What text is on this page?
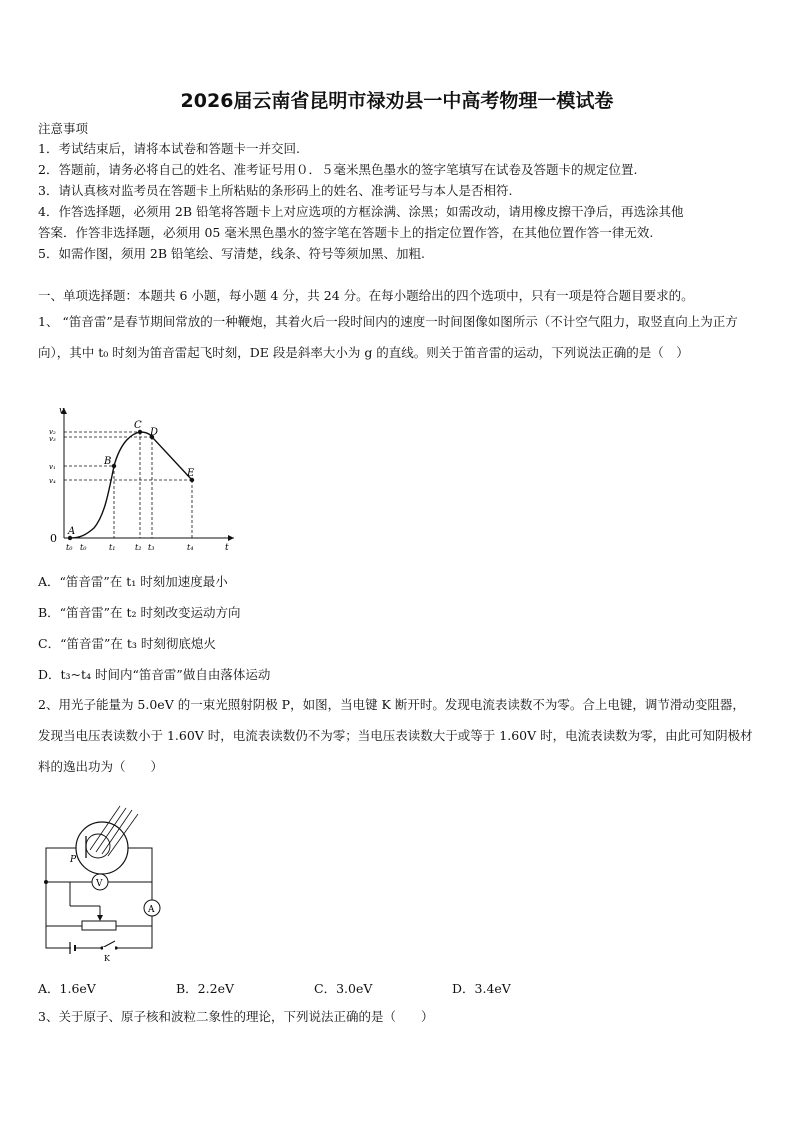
2026届云南省昆明市禄劝县一中高考物理一模试卷
注意事项
1．考试结束后，请将本试卷和答题卡一并交回.
2．答题前，请务必将自己的姓名、准考证号用０．５毫米黑色墨水的签字笔填写在试卷及答题卡的规定位置.
3．请认真核对监考员在答题卡上所粘贴的条形码上的姓名、准考证号与本人是否相符.
4．作答选择题，必须用 2B 铅笔将答题卡上对应选项的方框涂满、涂黑；如需改动，请用橡皮擦干净后，再选涂其他
答案．作答非选择题，必须用 05 毫米黑色墨水的签字笔在答题卡上的指定位置作答，在其他位置作答一律无效.
5．如需作图，须用 2B 铅笔绘、写清楚，线条、符号等须加黑、加粗.
一、单项选择题：本题共 6 小题，每小题 4 分，共 24 分。在每小题给出的四个选项中，只有一项是符合题目要求的。
1、 “笛音雷”是春节期间常放的一种鞭炮，其着火后一段时间内的速度一时间图像如图所示（不计空气阻力，取竖直向上为正方向），其中 t₀ 时刻为笛音雷起飞时刻，DE 段是斜率大小为 g 的直线。则关于笛音雷的运动，下列说法正确的是（　）
v
t
0
A
B
C
D
E
v₂
v₃
v₁
v₄
t₀ t₀	t₁ t₂ t₃	t₄
A．“笛音雷”在 t₁ 时刻加速度最小
B．“笛音雷”在 t₂ 时刻改变运动方向
C．“笛音雷”在 t₃ 时刻彻底熄火
D．t₃~t₄ 时间内“笛音雷”做自由落体运动
2、用光子能量为 5.0eV 的一束光照射阴极 P，如图，当电键 K 断开时。发现电流表读数不为零。合上电键，调节滑动变阻器，发现当电压表读数小于 1.60V 时，电流表读数仍不为零；当电压表读数大于或等于 1.60V 时，电流表读数为零，由此可知阴极材料的逸出功为（　　）
P
V
A
K
A．1.6eV	B．2.2eV	C．3.0eV	D．3.4eV
3、关于原子、原子核和波粒二象性的理论，下列说法正确的是（　　）
